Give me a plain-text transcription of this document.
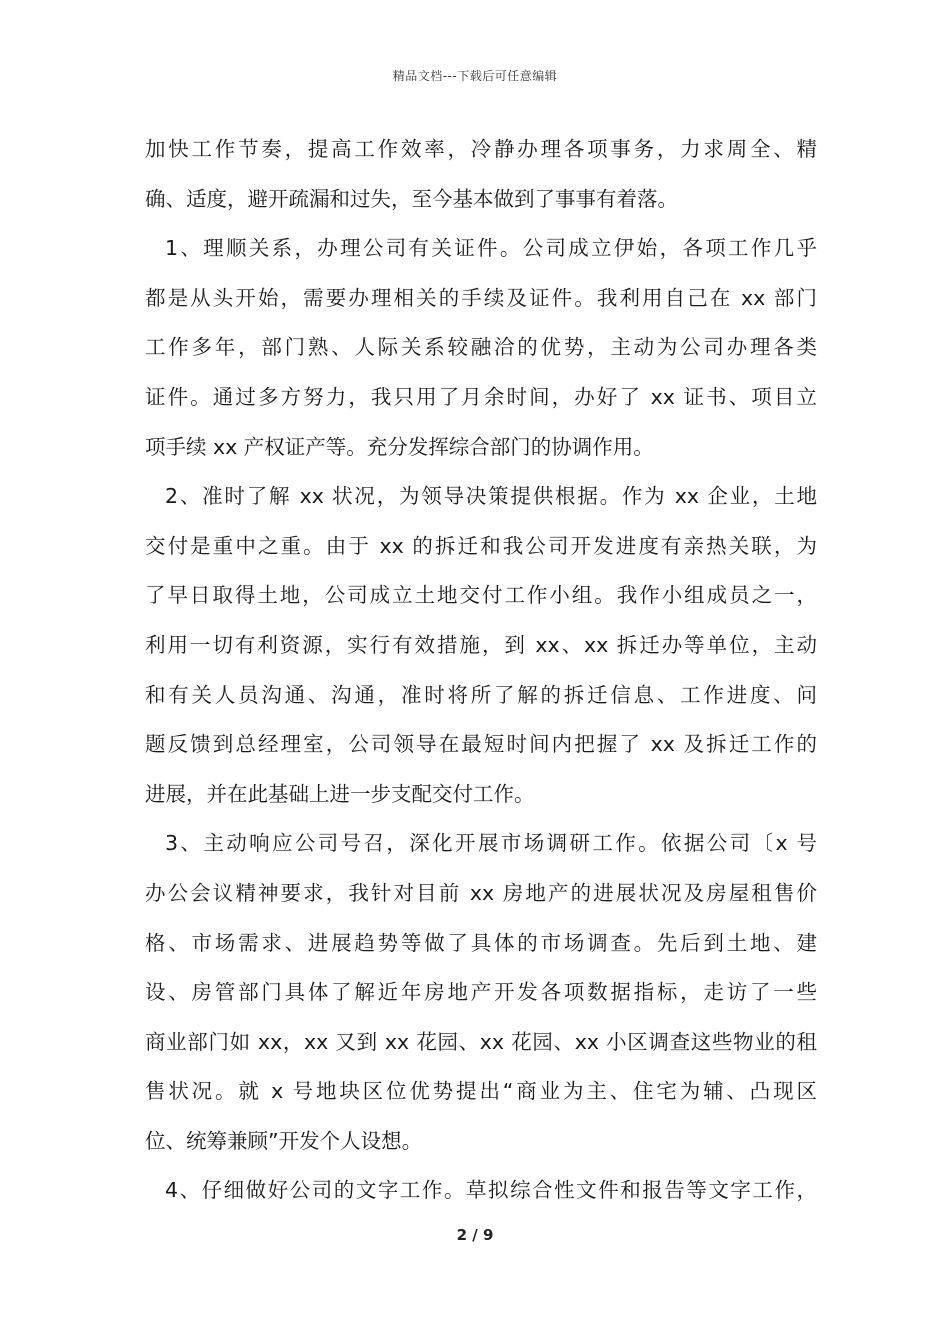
精品文档---下载后可任意编辑
加快工作节奏，提高工作效率，冷静办理各项事务，力求周全、精
确、适度，避开疏漏和过失，至今基本做到了事事有着落。
1、理顺关系，办理公司有关证件。公司成立伊始，各项工作几乎
都是从头开始，需要办理相关的手续及证件。我利用自己在 xx 部门
工作多年，部门熟、人际关系较融洽的优势，主动为公司办理各类
证件。通过多方努力，我只用了月余时间，办好了 xx 证书、项目立
项手续 xx 产权证产等。充分发挥综合部门的协调作用。
2、准时了解 xx 状况，为领导决策提供根据。作为 xx 企业，土地
交付是重中之重。由于 xx 的拆迁和我公司开发进度有亲热关联，为
了早日取得土地，公司成立土地交付工作小组。我作小组成员之一，
利用一切有利资源，实行有效措施，到 xx、xx 拆迁办等单位，主动
和有关人员沟通、沟通，准时将所了解的拆迁信息、工作进度、问
题反馈到总经理室，公司领导在最短时间内把握了 xx 及拆迁工作的
进展，并在此基础上进一步支配交付工作。
3、主动响应公司号召，深化开展市场调研工作。依据公司〔x 号
办公会议精神要求，我针对目前 xx 房地产的进展状况及房屋租售价
格、市场需求、进展趋势等做了具体的市场调查。先后到土地、建
设、房管部门具体了解近年房地产开发各项数据指标，走访了一些
商业部门如 xx，xx 又到 xx 花园、xx 花园、xx 小区调查这些物业的租
售状况。就 x 号地块区位优势提出“商业为主、住宅为辅、凸现区
位、统筹兼顾”开发个人设想。
4、仔细做好公司的文字工作。草拟综合性文件和报告等文字工作，
2 / 9
